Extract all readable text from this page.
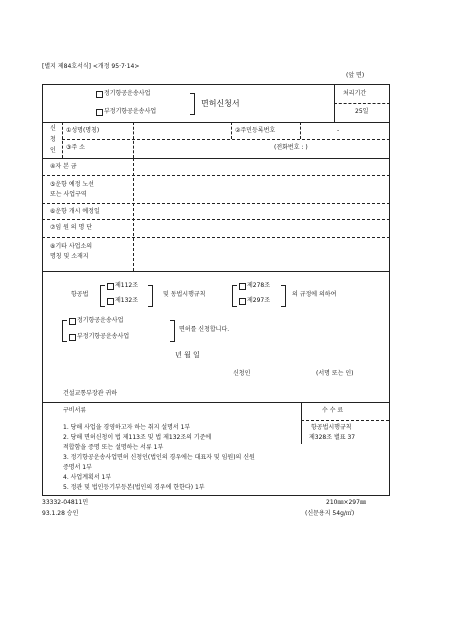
[별지 제84호서식] <개정 95·7·14>
(앞 면)
정기항공운송사업
부정기항공운송사업
면허신청서
처리기간
25일
신
청
인
①성명(명칭)	②주민등록번호	-
③주 소	(전화번호 : )
④자 본 금
⑤운항 예정 노선
또는 사업구역
⑥운항 개시 예정일
⑦임 원 의 명 단
⑧기타 사업소의
명칭 및 소재지
항공법
제112조
제132조
및 동법시행규칙
제278조
제297조
의 규정에 의하여
정기항공운송사업
부정기항공운송사업
면허를 신청합니다.
년 월 일
신청인	(서명 또는 인)
건설교통부장관 귀하
구비서류	수 수 료
항공법시행규칙
제328조 별표 37
1. 당해 사업을 경영하고자 하는 취지 설명서 1부
2. 당해 면허신청이 법 제113조 및 법 제132조의 기준에
적합함을 증명 또는 설명하는 서류 1부
3. 정기항공운송사업면허 신청인(법인의 경우에는 대표자 및 임원)의 신원
증명서 1부
4. 사업계획서 1부
5. 정관 및 법인등기부등본(법인의 경우에 한한다) 1부
33332-04811민
93.1.28 승인
210㎜×297㎜
(신문용지 54g/㎡)
